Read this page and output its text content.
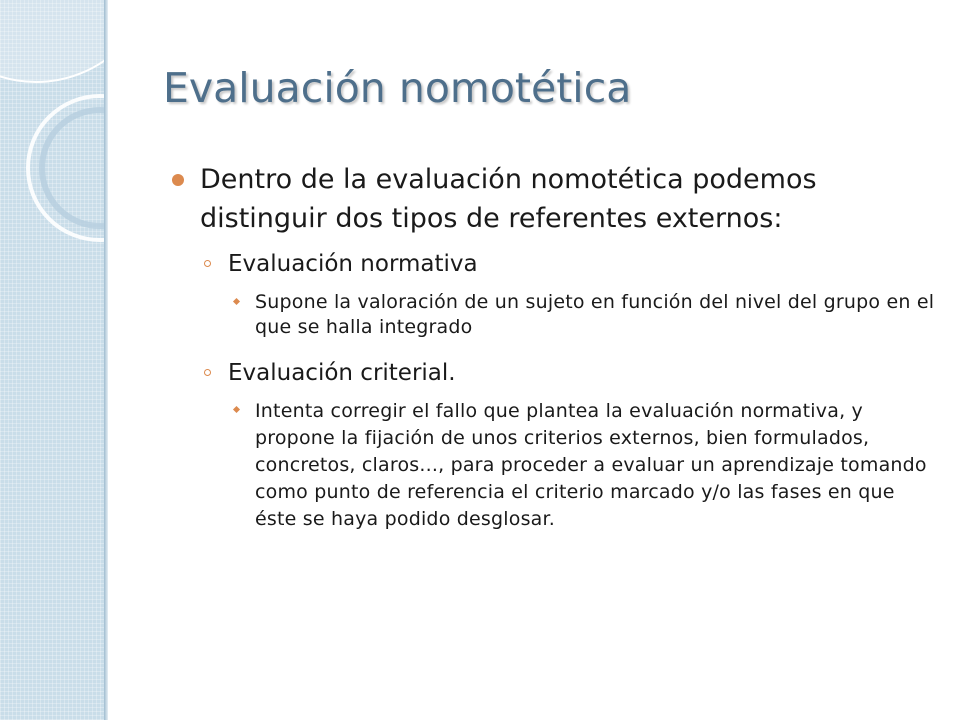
Evaluación nomotética
Dentro de la evaluación nomotética podemos distinguir dos tipos de referentes externos:
Evaluación normativa
Supone la valoración de un sujeto en función del nivel del grupo en el que se halla integrado
Evaluación criterial.
Intenta corregir el fallo que plantea la evaluación normativa, y propone la fijación de unos criterios externos, bien formulados, concretos, claros..., para proceder a evaluar un aprendizaje tomando como punto de referencia el criterio marcado y/o las fases en que éste se haya podido desglosar.
